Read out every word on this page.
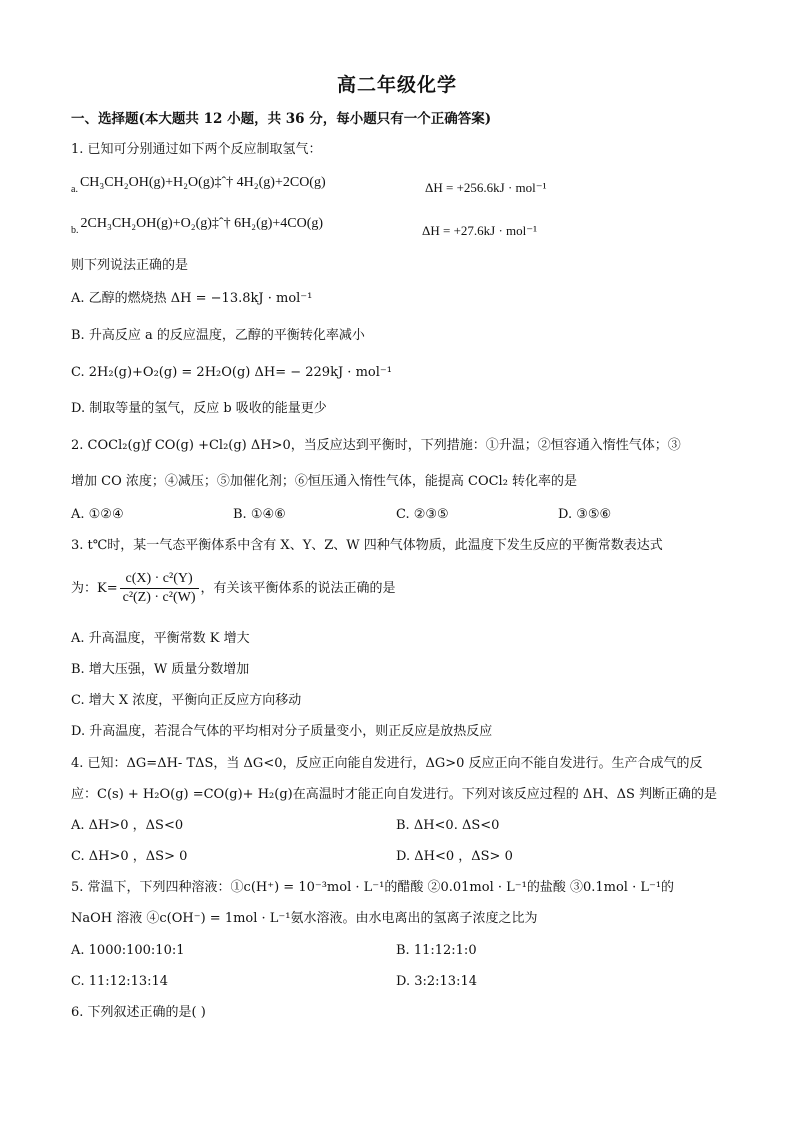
高二年级化学
一、选择题(本大题共 12 小题，共 36 分，每小题只有一个正确答案)
1. 已知可分别通过如下两个反应制取氢气：
$_{a.}$ CH₃CH₂OH(g)+H₂O(g)‡ˆ† 4H₂(g)+2CO(g)	ΔH = +256.6kJ · mol⁻¹
$_{b.}$ 2CH₃CH₂OH(g)+O₂(g)‡ˆ† 6H₂(g)+4CO(g)	ΔH = +27.6kJ · mol⁻¹
则下列说法正确的是
A. 乙醇的燃烧热 ΔH = −13.8kJ · mol⁻¹
B. 升高反应 a 的反应温度，乙醇的平衡转化率减小
C. 2H₂(g)+O₂(g) = 2H₂O(g) ΔH= − 229kJ · mol⁻¹
D. 制取等量的氢气，反应 b 吸收的能量更少
2. COCl₂(g)ƒ CO(g) +Cl₂(g) ΔH>0，当反应达到平衡时，下列措施：①升温；②恒容通入惰性气体；③
增加 CO 浓度；④减压；⑤加催化剂；⑥恒压通入惰性气体，能提高 COCl₂ 转化率的是
A. ①②④	B. ①④⑥	C. ②③⑤	D. ③⑤⑥
3. t℃时，某一气态平衡体系中含有 X、Y、Z、W 四种气体物质，此温度下发生反应的平衡常数表达式
为：$K= \frac{\text{c(X) · c²(Y)}}{\text{c²(Z) · c²(W)}}$ ，有关该平衡体系的说法正确的是
A. 升高温度，平衡常数 K 增大
B. 增大压强，W 质量分数增加
C. 增大 X 浓度，平衡向正反应方向移动
D. 升高温度，若混合气体的平均相对分子质量变小，则正反应是放热反应
4. 已知：ΔG=ΔH- TΔS，当 ΔG<0，反应正向能自发进行，ΔG>0 反应正向不能自发进行。生产合成气的反
应：C(s) + H₂O(g) =CO(g)+ H₂(g)在高温时才能正向自发进行。下列对该反应过程的 ΔH、ΔS 判断正确的是
A. ΔH>0 ，ΔS<0	B. ΔH<0. ΔS<0
C. ΔH>0 ，ΔS> 0	D. ΔH<0 ，ΔS> 0
5. 常温下，下列四种溶液：①c(H⁺) = 10⁻³mol · L⁻¹的醋酸 ②0.01mol · L⁻¹的盐酸 ③0.1mol · L⁻¹的
NaOH 溶液 ④c(OH⁻) = 1mol · L⁻¹氨水溶液。由水电离出的氢离子浓度之比为
A. 1000:100:10:1	B. 11:12:1:0
C. 11:12:13:14	D. 3:2:13:14
6. 下列叙述正确的是( )
